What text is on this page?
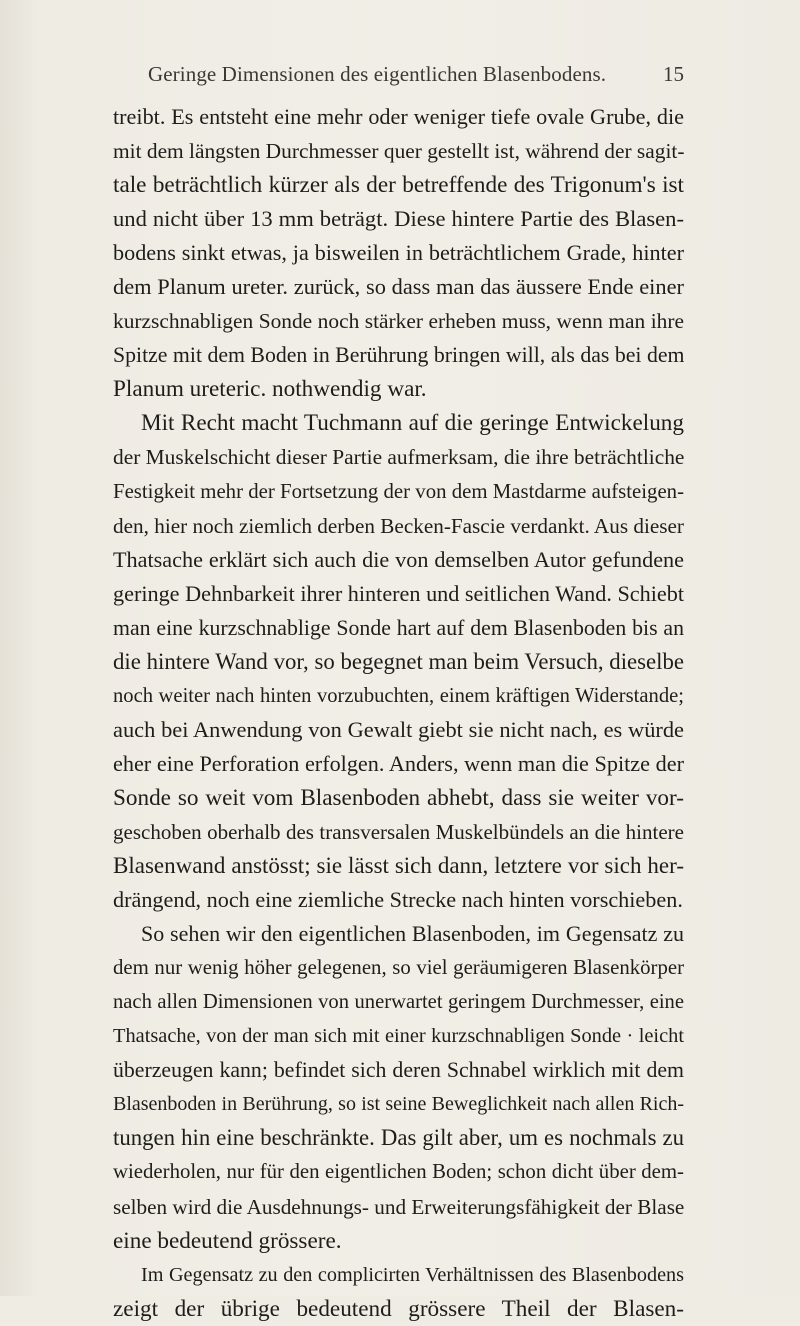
Geringe Dimensionen des eigentlichen Blasenbodens.	15
treibt. Es entsteht eine mehr oder weniger tiefe ovale Grube, die
mit dem längsten Durchmesser quer gestellt ist, während der sagit-
tale beträchtlich kürzer als der betreffende des Trigonum's ist
und nicht über 13 mm beträgt. Diese hintere Partie des Blasen-
bodens sinkt etwas, ja bisweilen in beträchtlichem Grade, hinter
dem Planum ureter. zurück, so dass man das äussere Ende einer
kurzschnabligen Sonde noch stärker erheben muss, wenn man ihre
Spitze mit dem Boden in Berührung bringen will, als das bei dem
Planum ureteric. nothwendig war.
Mit Recht macht Tuchmann auf die geringe Entwickelung
der Muskelschicht dieser Partie aufmerksam, die ihre beträchtliche
Festigkeit mehr der Fortsetzung der von dem Mastdarme aufsteigen-
den, hier noch ziemlich derben Becken-Fascie verdankt. Aus dieser
Thatsache erklärt sich auch die von demselben Autor gefundene
geringe Dehnbarkeit ihrer hinteren und seitlichen Wand. Schiebt
man eine kurzschnablige Sonde hart auf dem Blasenboden bis an
die hintere Wand vor, so begegnet man beim Versuch, dieselbe
noch weiter nach hinten vorzubuchten, einem kräftigen Widerstande;
auch bei Anwendung von Gewalt giebt sie nicht nach, es würde
eher eine Perforation erfolgen. Anders, wenn man die Spitze der
Sonde so weit vom Blasenboden abhebt, dass sie weiter vor-
geschoben oberhalb des transversalen Muskelbündels an die hintere
Blasenwand anstösst; sie lässt sich dann, letztere vor sich her-
drängend, noch eine ziemliche Strecke nach hinten vorschieben.
So sehen wir den eigentlichen Blasenboden, im Gegensatz zu
dem nur wenig höher gelegenen, so viel geräumigeren Blasenkörper
nach allen Dimensionen von unerwartet geringem Durchmesser, eine
Thatsache, von der man sich mit einer kurzschnabligen Sonde · leicht
überzeugen kann; befindet sich deren Schnabel wirklich mit dem
Blasenboden in Berührung, so ist seine Beweglichkeit nach allen Rich-
tungen hin eine beschränkte. Das gilt aber, um es nochmals zu
wiederholen, nur für den eigentlichen Boden; schon dicht über dem-
selben wird die Ausdehnungs- und Erweiterungsfähigkeit der Blase
eine bedeutend grössere.
Im Gegensatz zu den complicirten Verhältnissen des Blasenbodens
zeigt der übrige bedeutend grössere Theil der Blasen-
